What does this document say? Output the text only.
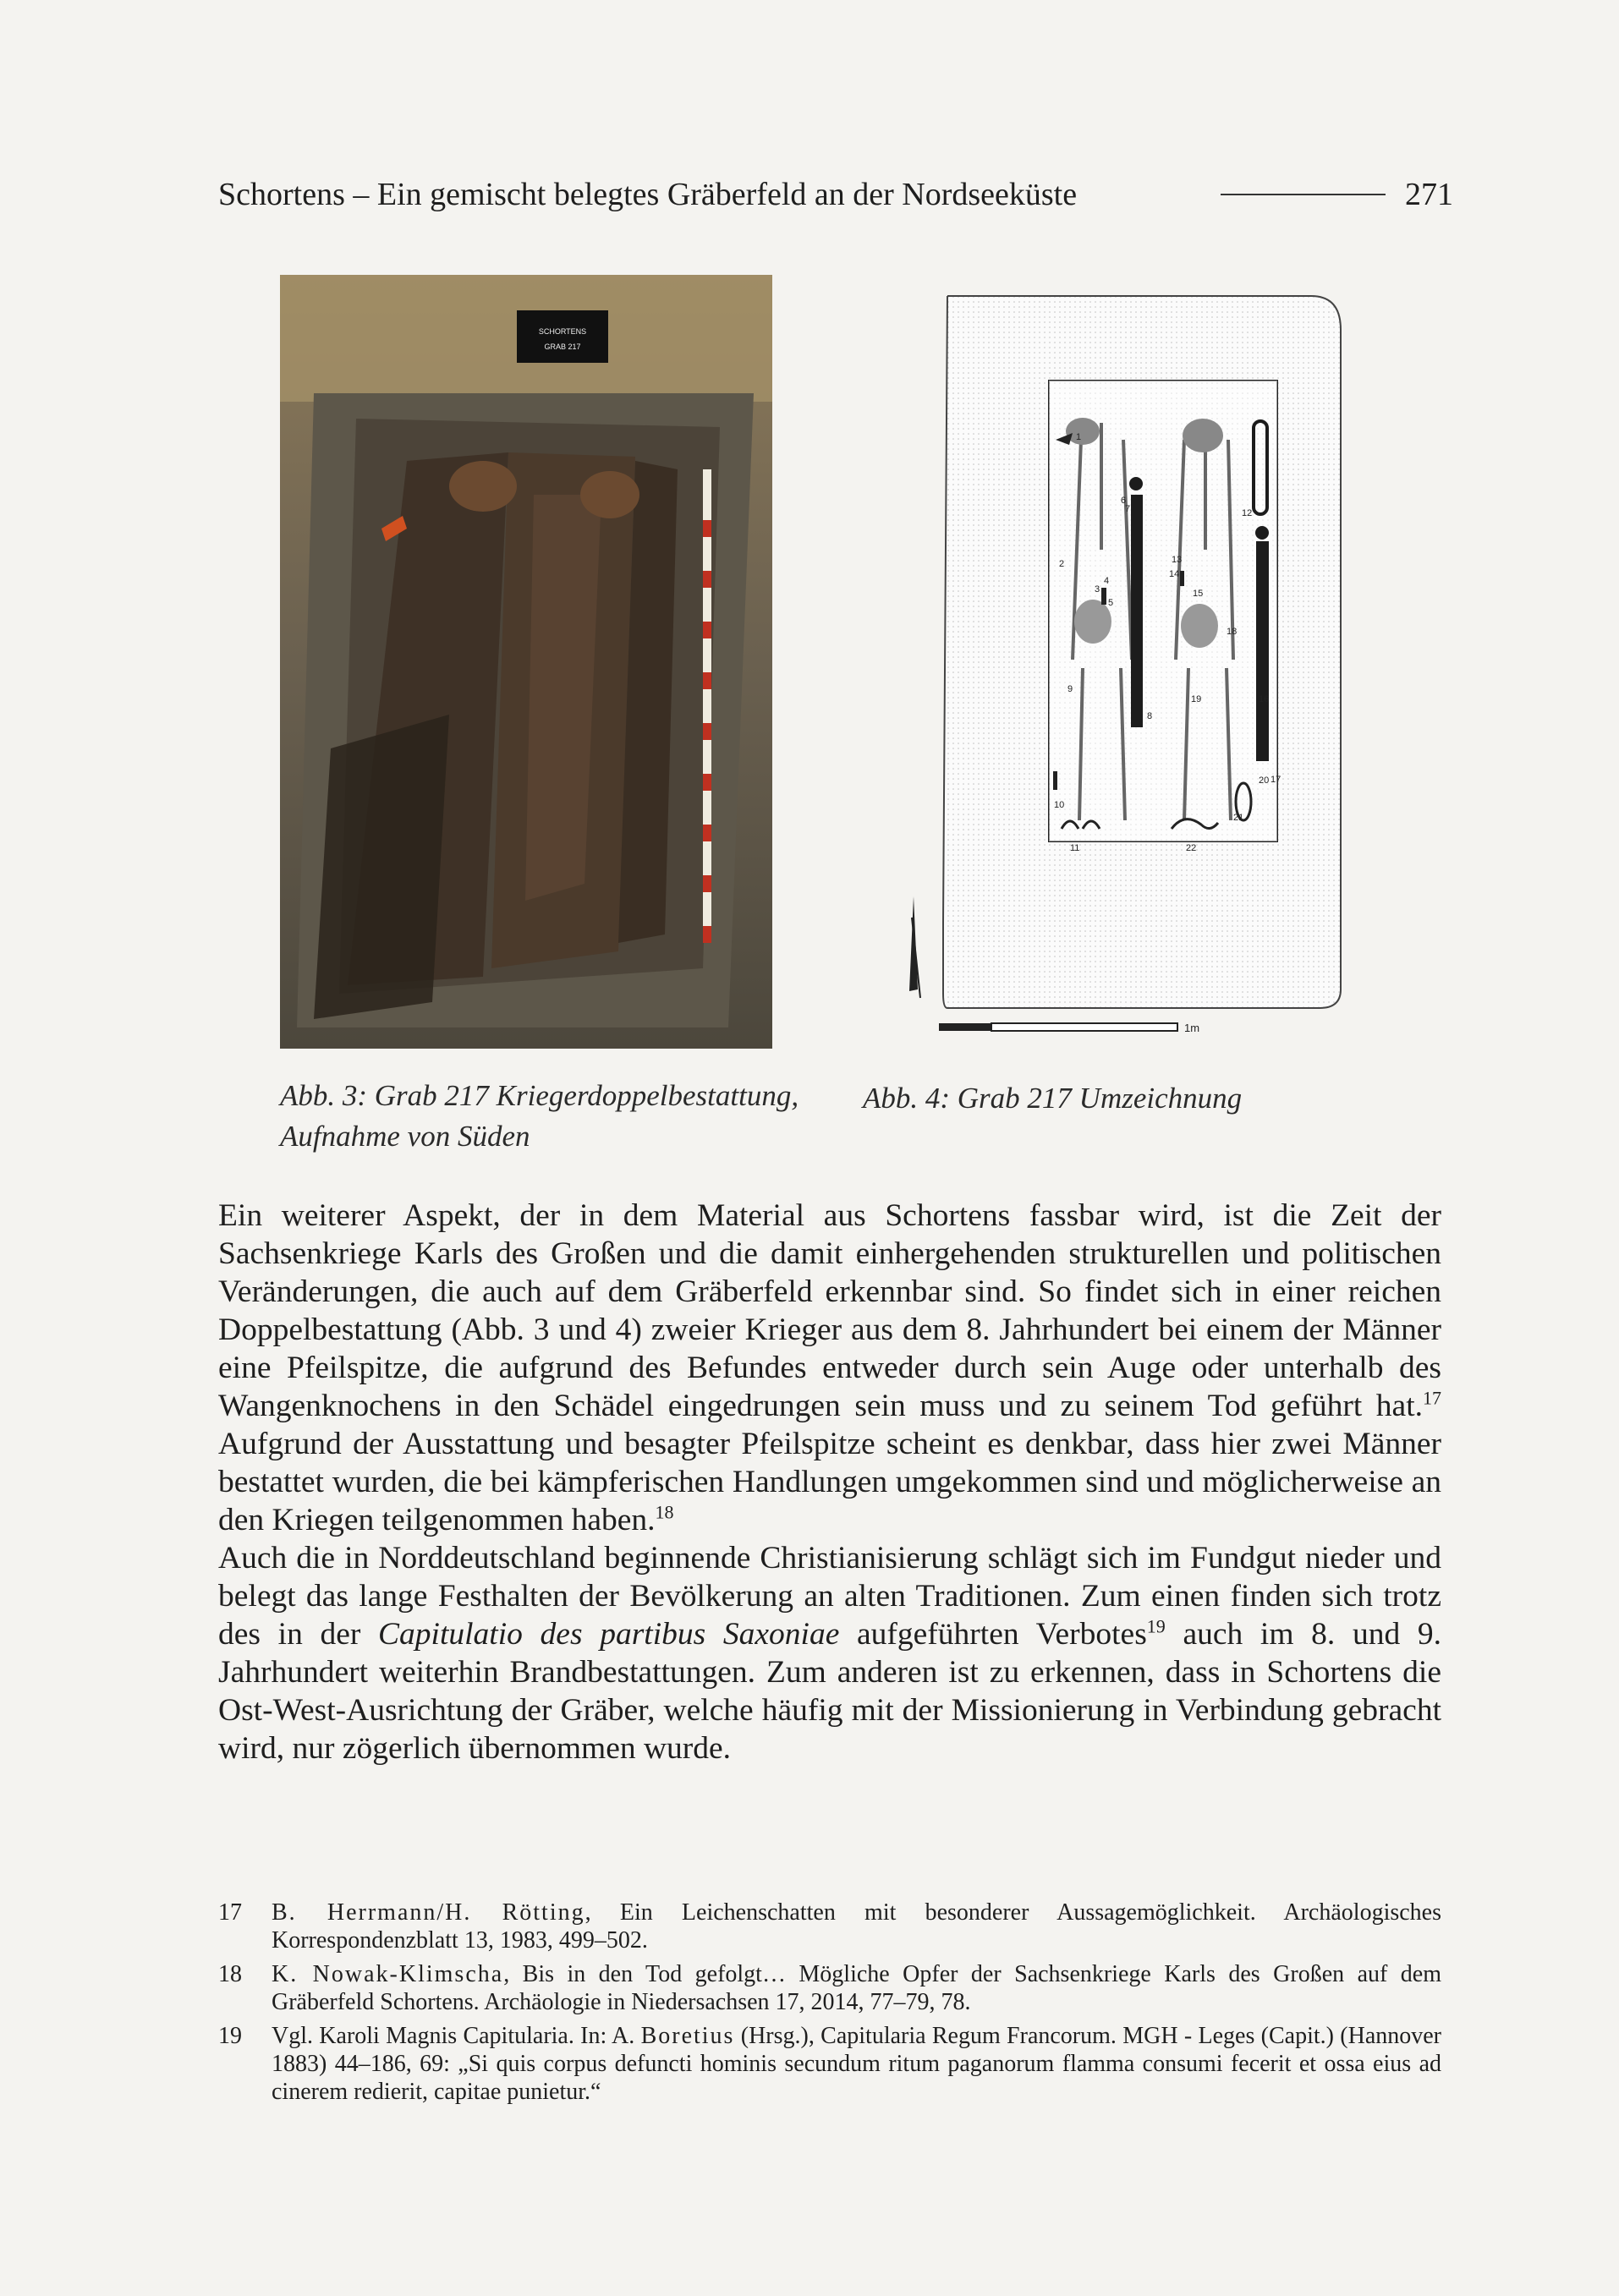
Schortens – Ein gemischt belegtes Gräberfeld an der Nordseeküste	271
SCHORTENS
GRAB 217
1
2
3
4
5
6
7
8
9
10
11
12
13
14
15
16
17
18
19
20
21
22
1m
Abb. 3: Grab 217 Kriegerdoppelbestattung, Aufnahme von Süden
Abb. 4: Grab 217 Umzeichnung

Ein weiterer Aspekt, der in dem Material aus Schortens fassbar wird, ist die Zeit der Sachsenkriege Karls des Großen und die damit einhergehenden strukturellen und politischen Veränderungen, die auch auf dem Gräberfeld erkennbar sind. So findet sich in einer reichen Doppelbestattung (Abb. 3 und 4) zweier Krieger aus dem 8. Jahrhundert bei einem der Männer eine Pfeilspitze, die aufgrund des Befundes entweder durch sein Auge oder unterhalb des Wangenknochens in den Schädel eingedrungen sein muss und zu seinem Tod geführt hat.$^{17}$ Aufgrund der Ausstattung und besagter Pfeilspitze scheint es denkbar, dass hier zwei Männer bestattet wurden, die bei kämpferischen Handlungen umgekommen sind und möglicherweise an den Kriegen teilgenommen haben.$^{18}$

Auch die in Norddeutschland beginnende Christianisierung schlägt sich im Fundgut nieder und belegt das lange Festhalten der Bevölkerung an alten Traditionen. Zum einen finden sich trotz des in der Capitulatio des partibus Saxoniae aufgeführten Verbotes$^{19}$ auch im 8. und 9. Jahrhundert weiterhin Brandbestattungen. Zum anderen ist zu erkennen, dass in Schortens die Ost-West-Ausrichtung der Gräber, welche häufig mit der Missionierung in Verbindung gebracht wird, nur zögerlich übernommen wurde.

17 B. Herrmann/H. Rötting, Ein Leichenschatten mit besonderer Aussagemöglichkeit. Archäologisches Korrespondenzblatt 13, 1983, 499–502.
18 K. Nowak-Klimscha, Bis in den Tod gefolgt… Mögliche Opfer der Sachsenkriege Karls des Großen auf dem Gräberfeld Schortens. Archäologie in Niedersachsen 17, 2014, 77–79, 78.
19 Vgl. Karoli Magnis Capitularia. In: A. Boretius (Hrsg.), Capitularia Regum Francorum. MGH - Leges (Capit.) (Hannover 1883) 44–186, 69: „Si quis corpus defuncti hominis secundum ritum paganorum flamma consumi fecerit et ossa eius ad cinerem redierit, capitae punietur.“
